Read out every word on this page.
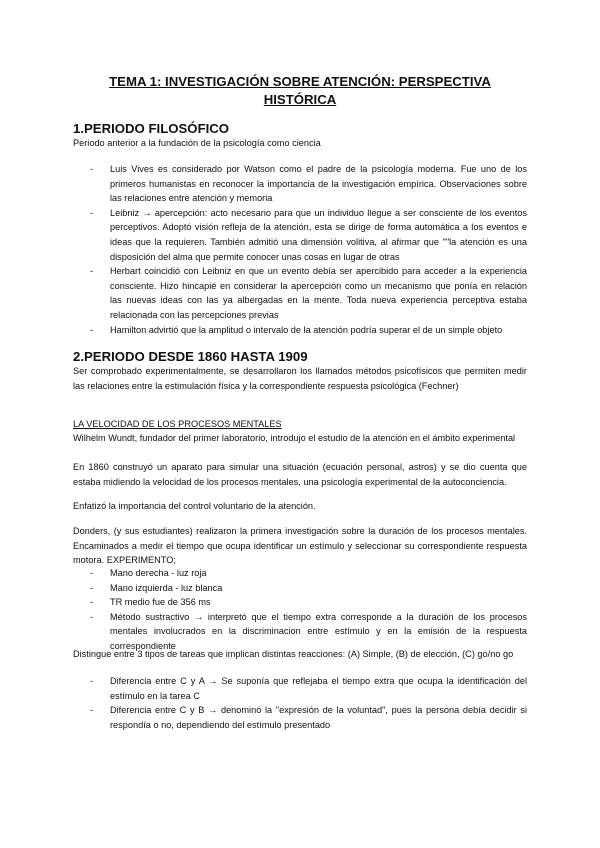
TEMA 1: INVESTIGACIÓN SOBRE ATENCIÓN: PERSPECTIVA
HISTÓRICA
1.PERIODO FILOSÓFICO

Periodo anterior a la fundación de la psicología como ciencia

- Luis Vives es considerado por Watson como el padre de la psicología moderna. Fue uno de los primeros humanistas en reconocer la importancia de la investigación empírica. Observaciones sobre las relaciones entre atención y memoria
- Leibniz → apercepción: acto necesario para que un individuo llegue a ser consciente de los eventos perceptivos. Adoptó visión refleja de la atención, esta se dirige de forma automática a los eventos e ideas que la requieren. También admitió una dimensión volitiva, al afirmar que ""la atención es una disposición del alma que permite conocer unas cosas en lugar de otras
- Herbart coincidió con Leibniz en que un evento debía ser apercibido para acceder a la experiencia consciente. Hizo hincapié en considerar la apercepción como un mecanismo que ponía en relación las nuevas ideas con las ya albergadas en la mente. Toda nueva experiencia perceptiva estaba relacionada con las percepciones previas
- Hamilton advirtió que la amplitud o intervalo de la atención podría superar el de un simple objeto
2.PERIODO DESDE 1860 HASTA 1909

Ser comprobado experimentalmente, se desarrollaron los llamados métodos psicofísicos que permiten medir las relaciones entre la estimulación física y la correspondiente respuesta psicológica (Fechner)

LA VELOCIDAD DE LOS PROCESOS MENTALES

Wilhelm Wundt, fundador del primer laboratorio, introdujo el estudio de la atención en el ámbito experimental

En 1860 construyó un aparato para simular una situación (ecuación personal, astros) y se dio cuenta que estaba midiendo la velocidad de los procesos mentales, una psicología experimental de la autoconciencia.

Enfatizó la importancia del control voluntario de la atención.

Donders, (y sus estudiantes) realizaron la primera investigación sobre la duración de los procesos mentales. Encaminados a medir el tiempo que ocupa identificar un estímulo y seleccionar su correspondiente respuesta motora. EXPERIMENTO;

- Mano derecha - luz roja
- Mano izquierda - luz blanca
- TR medio fue de 356 ms
- Método sustractivo → interpretó que el tiempo extra corresponde a la duración de los procesos mentales involucrados en la discriminacion entre estímulo y en la emisión de la respuesta correspondiente

Distingue entre 3 tipos de tareas que implican distintas reacciones: (A) Simple, (B) de elección, (C) go/no go

- Diferencia entre C y A → Se suponía que reflejaba el tiempo extra que ocupa la identificación del estímulo en la tarea C
- Diferencia entre C y B → denominó la "expresión de la voluntad", pues la persona debía decidir si respondía o no, dependiendo del estímulo presentado
